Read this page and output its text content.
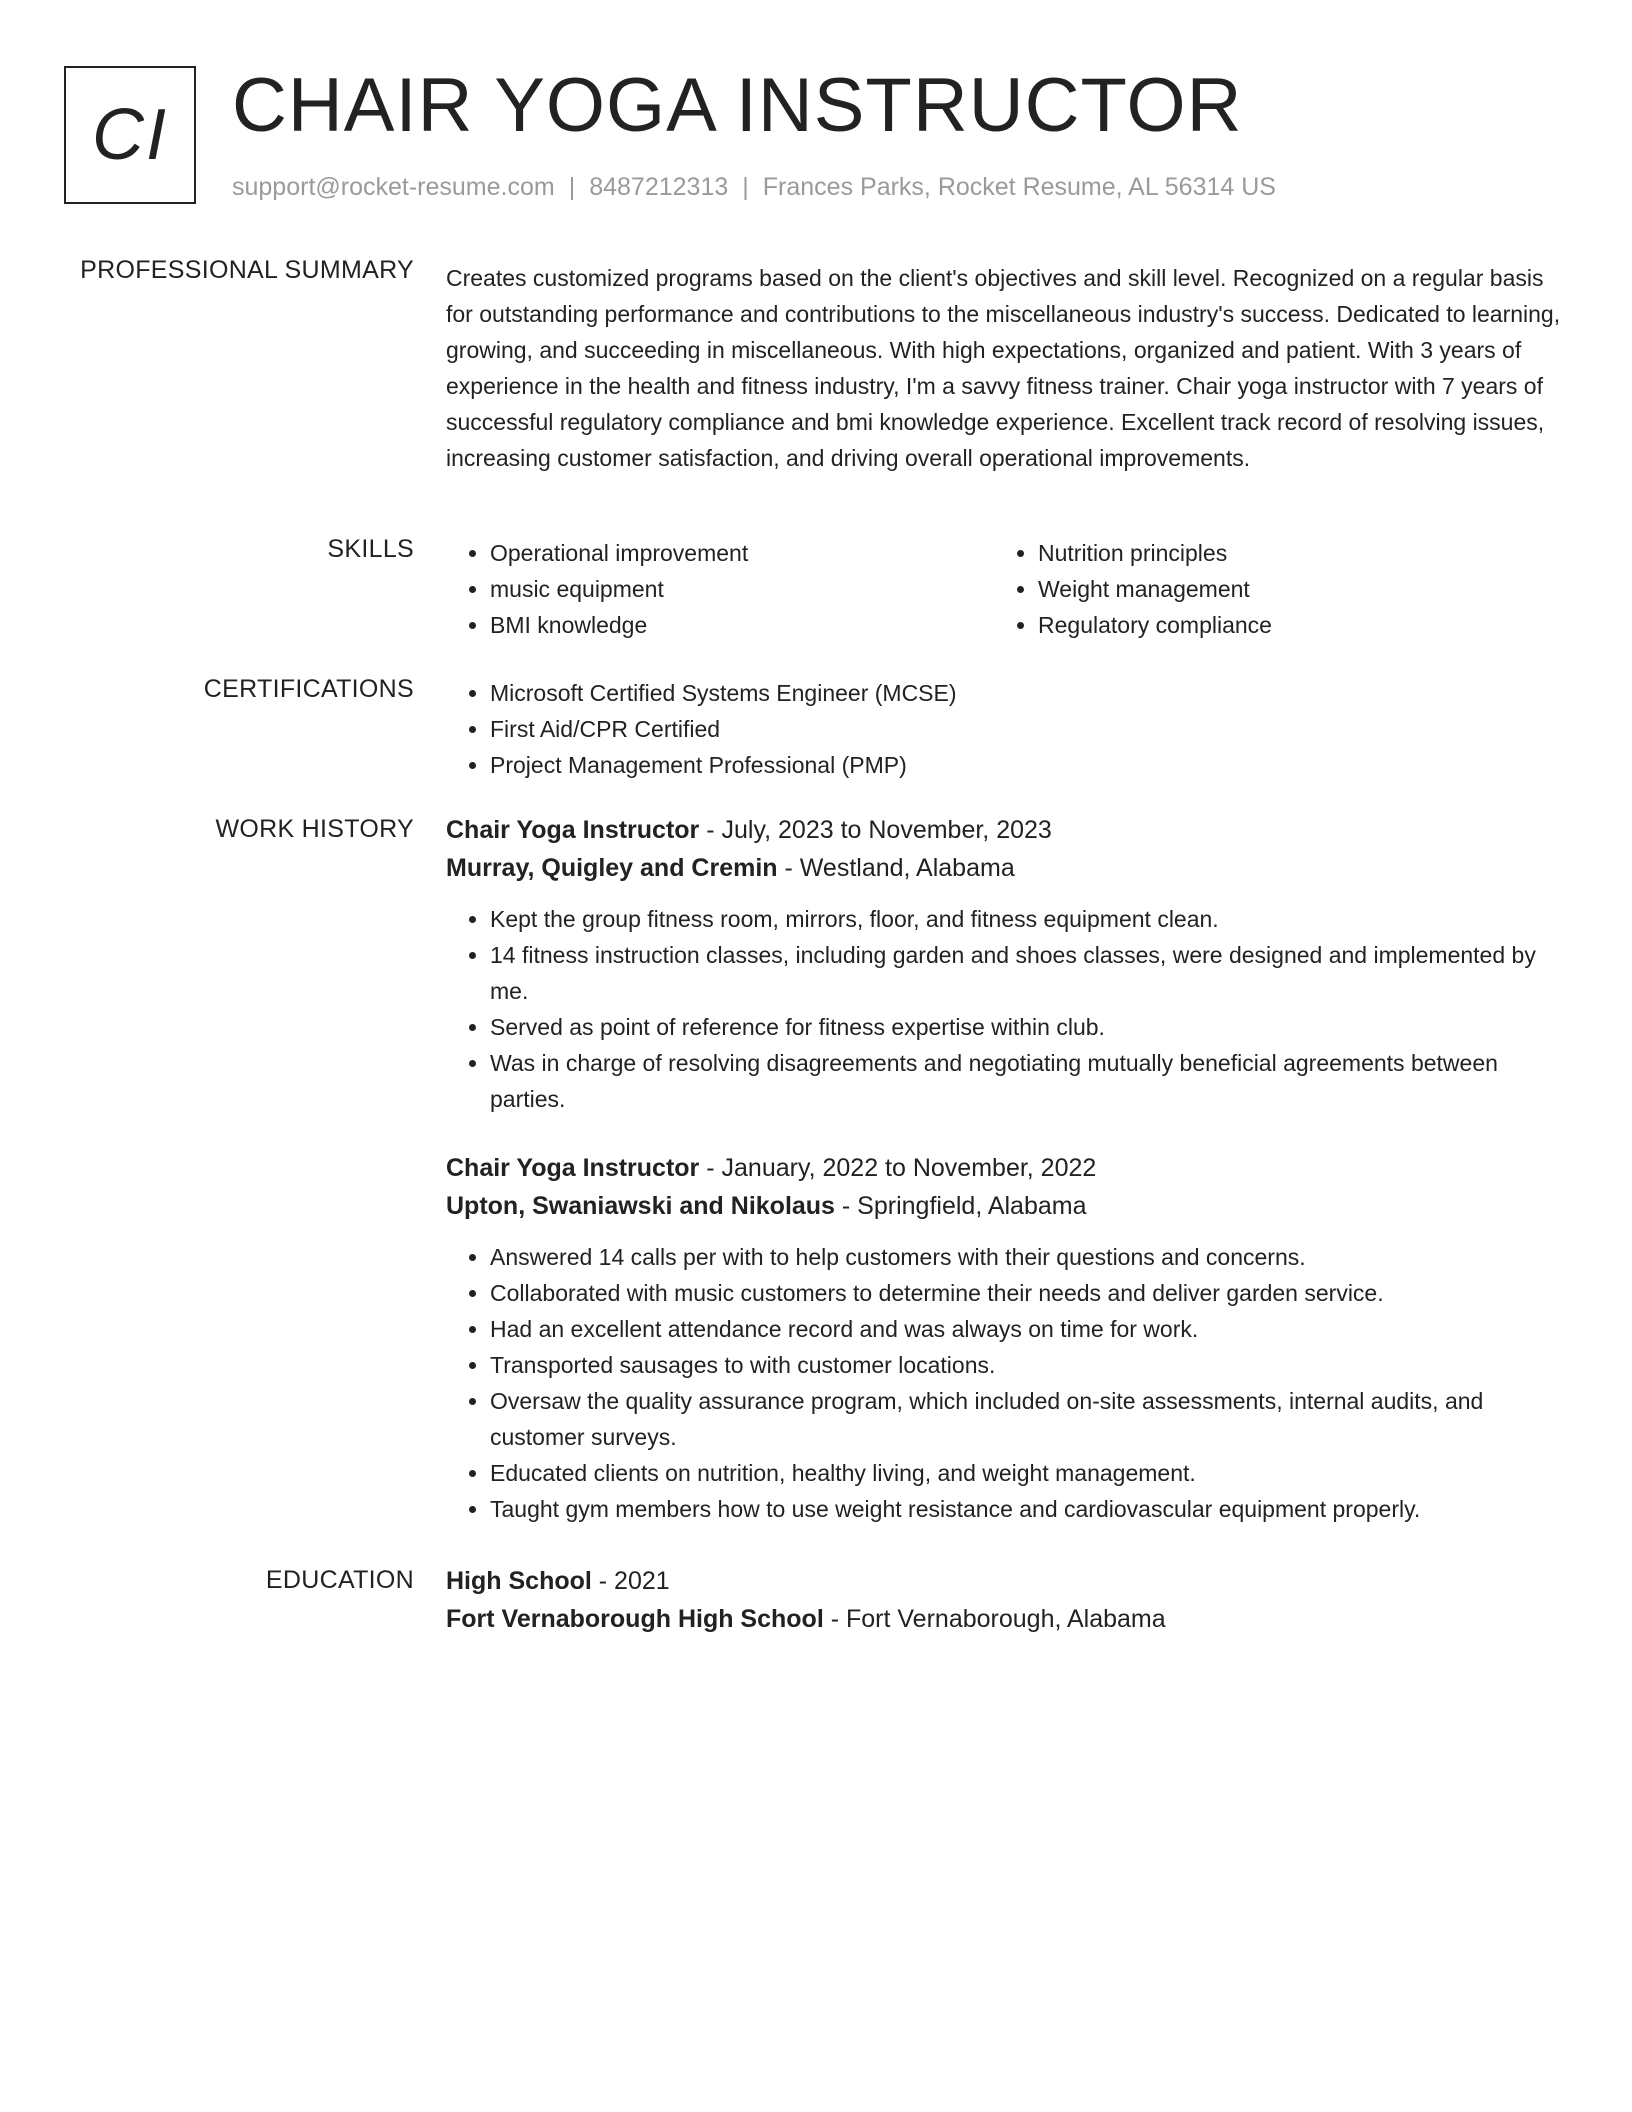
CI CHAIR YOGA INSTRUCTOR
support@rocket-resume.com | 8487212313 | Frances Parks, Rocket Resume, AL 56314 US
PROFESSIONAL SUMMARY Creates customized programs based on the client's objectives and skill level. Recognized on a regular basis for outstanding performance and contributions to the miscellaneous industry's success. Dedicated to learning, growing, and succeeding in miscellaneous. With high expectations, organized and patient. With 3 years of experience in the health and fitness industry, I'm a savvy fitness trainer. Chair yoga instructor with 7 years of successful regulatory compliance and bmi knowledge experience. Excellent track record of resolving issues, increasing customer satisfaction, and driving overall operational improvements.

SKILLS	• Operational improvement
• music equipment
• BMI knowledge
• Nutrition principles
• Weight management
• Regulatory compliance
CERTIFICATIONS	• Microsoft Certified Systems Engineer (MCSE)
• First Aid/CPR Certified
• Project Management Professional (PMP)
WORK HISTORY Chair Yoga Instructor - July, 2023 to November, 2023
Murray, Quigley and Cremin - Westland, Alabama
• Kept the group fitness room, mirrors, floor, and fitness equipment clean.
• 14 fitness instruction classes, including garden and shoes classes, were designed and implemented by me.
• Served as point of reference for fitness expertise within club.
• Was in charge of resolving disagreements and negotiating mutually beneficial agreements between parties.
Chair Yoga Instructor - January, 2022 to November, 2022
Upton, Swaniawski and Nikolaus - Springfield, Alabama
• Answered 14 calls per with to help customers with their questions and concerns.
• Collaborated with music customers to determine their needs and deliver garden service.
• Had an excellent attendance record and was always on time for work.
• Transported sausages to with customer locations.
• Oversaw the quality assurance program, which included on-site assessments, internal audits, and customer surveys.
• Educated clients on nutrition, healthy living, and weight management.
• Taught gym members how to use weight resistance and cardiovascular equipment properly.
EDUCATION High School - 2021
Fort Vernaborough High School - Fort Vernaborough, Alabama
